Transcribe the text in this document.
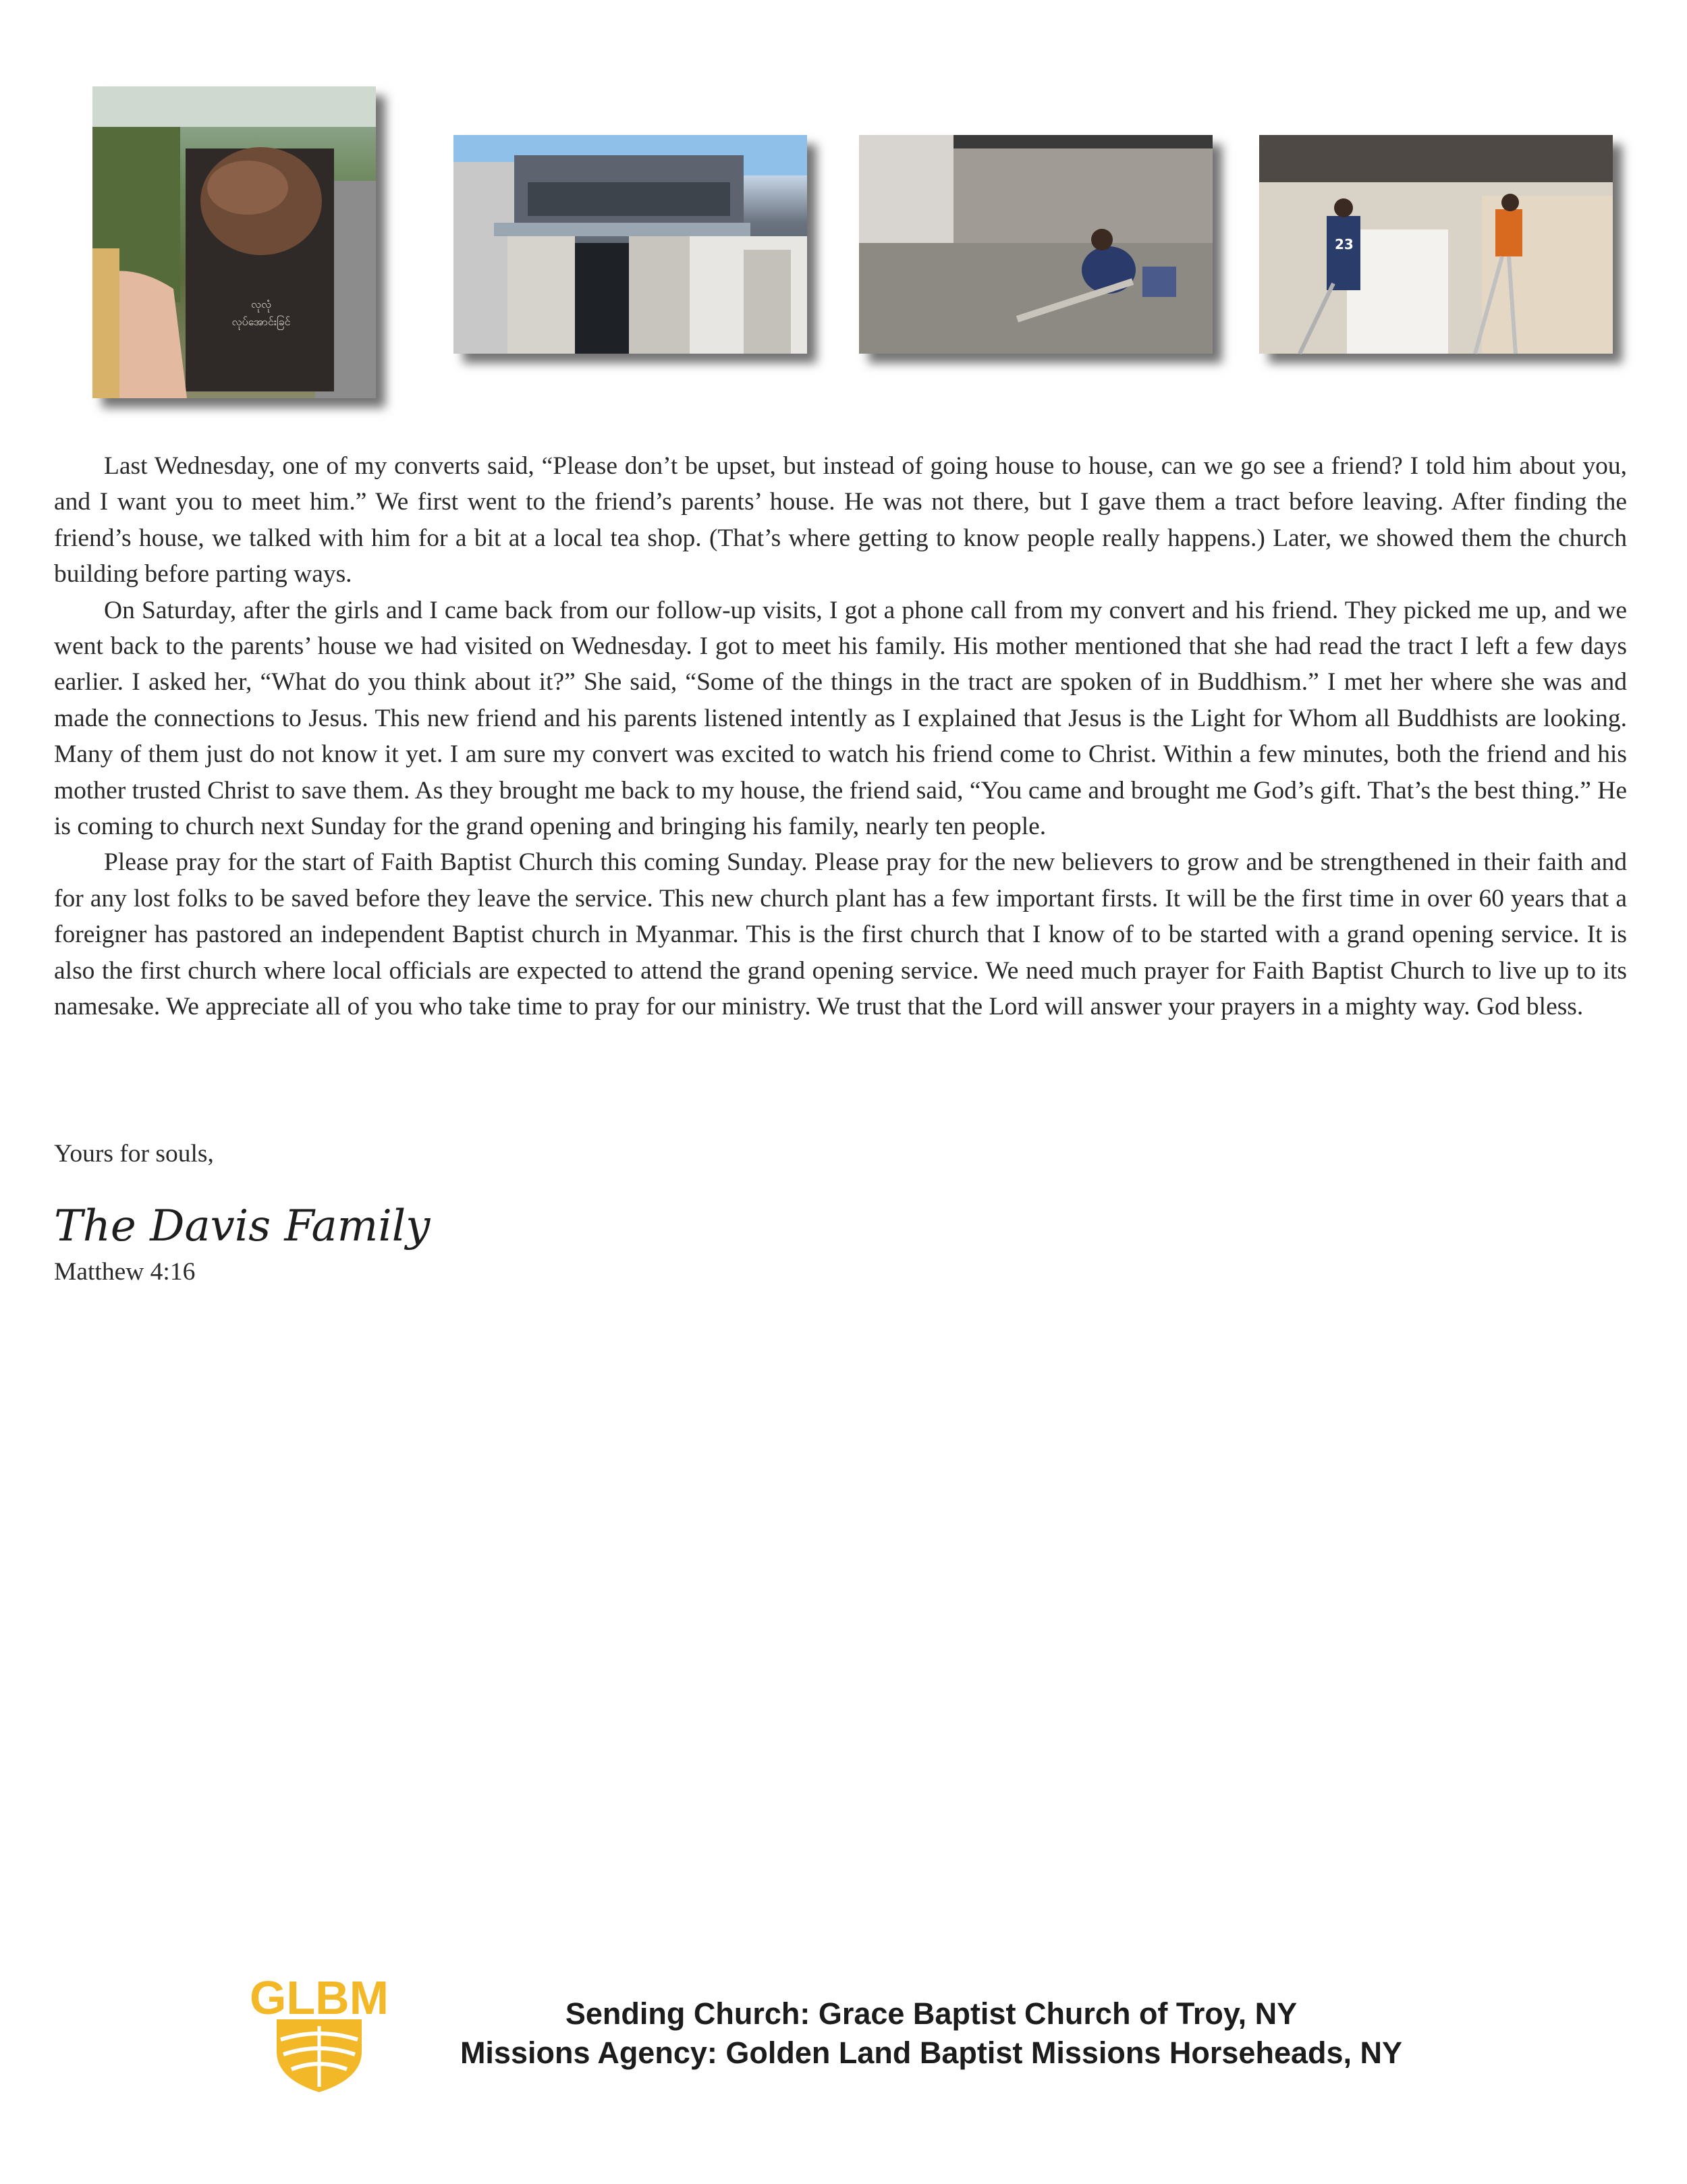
လုလုံ
လုပ်အောင်းခြင်
23

Last Wednesday, one of my converts said, “Please don’t be upset, but instead of going house to house, can we go see a friend? I told him about you, and I want you to meet him.” We first went to the friend’s parents’ house. He was not there, but I gave them a tract before leaving. After finding the friend’s house, we talked with him for a bit at a local tea shop. (That’s where getting to know people really happens.) Later, we showed them the church building before parting ways.

On Saturday, after the girls and I came back from our follow-up visits, I got a phone call from my convert and his friend. They picked me up, and we went back to the parents’ house we had visited on Wednesday. I got to meet his family. His mother mentioned that she had read the tract I left a few days earlier. I asked her, “What do you think about it?” She said, “Some of the things in the tract are spoken of in Buddhism.” I met her where she was and made the connections to Jesus. This new friend and his parents listened intently as I explained that Jesus is the Light for Whom all Buddhists are looking. Many of them just do not know it yet. I am sure my convert was excited to watch his friend come to Christ. Within a few minutes, both the friend and his mother trusted Christ to save them. As they brought me back to my house, the friend said, “You came and brought me God’s gift. That’s the best thing.” He is coming to church next Sunday for the grand opening and bringing his family, nearly ten people.

Please pray for the start of Faith Baptist Church this coming Sunday. Please pray for the new believers to grow and be strengthened in their faith and for any lost folks to be saved before they leave the service. This new church plant has a few important firsts. It will be the first time in over 60 years that a foreigner has pastored an independent Baptist church in Myanmar. This is the first church that I know of to be started with a grand opening service. It is also the first church where local officials are expected to attend the grand opening service. We need much prayer for Faith Baptist Church to live up to its namesake. We appreciate all of you who take time to pray for our ministry. We trust that the Lord will answer your prayers in a mighty way. God bless.

Yours for souls,
The Davis Family
Matthew 4:16
GLBM	Sending Church: Grace Baptist Church of Troy, NY
Missions Agency: Golden Land Baptist Missions Horseheads, NY
